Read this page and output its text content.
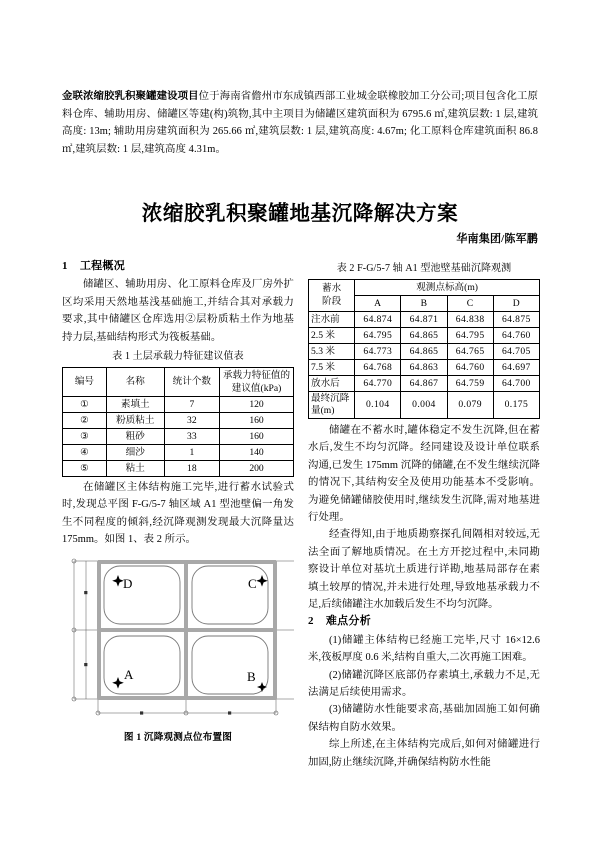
金联浓缩胶乳积聚罐建设项目位于海南省儋州市东成镇西部工业城金联橡胶加工分公司;项目包含化工原料仓库、辅助用房、储罐区等建(构)筑物,其中主项目为储罐区建筑面积为 6795.6 ㎡,建筑层数: 1 层,建筑高度: 13m; 辅助用房建筑面积为 265.66 ㎡,建筑层数: 1 层,建筑高度: 4.67m; 化工原料仓库建筑面积 86.8 ㎡,建筑层数: 1 层,建筑高度 4.31m。
浓缩胶乳积聚罐地基沉降解决方案
华南集团/陈军鹏
1 工程概况

储罐区、辅助用房、化工原料仓库及厂房外扩区均采用天然地基浅基础施工,并结合其对承载力要求,其中储罐区仓库选用②层粉质粘土作为地基持力层,基础结构形式为筏板基础。

表 1 土层承载力特征建议值表
编号	名称	统计个数	承载力特征值的建议值(kPa)
①	素填土	7	120
②	粉质粘土	32	160
③	粗砂	33	160
④	细沙	1	140
⑤	粘土	18	200

在储罐区主体结构施工完毕,进行蓄水试验式时,发现总平图 F-G/5-7 轴区域 A1 型池壁偏一角发生不同程度的倾斜,经沉降观测发现最大沉降量达 175mm。如图 1、表 2 所示。

D	C
A	B
图 1 沉降观测点位布置图
表 2 F-G/5-7 轴 A1 型池壁基础沉降观测
蓄水
阶段	观测点标高(m)			
	A	B	C	D
注水前	64.874	64.871	64.838	64.875
2.5 米	64.795	64.865	64.795	64.760
5.3 米	64.773	64.865	64.765	64.705
7.5 米	64.768	64.863	64.760	64.697
放水后	64.770	64.867	64.759	64.700
最终沉降
量(m)	0.104	0.004	0.079	0.175

储罐在不蓄水时,罐体稳定不发生沉降,但在蓄水后,发生不均匀沉降。经同建设及设计单位联系沟通,已发生 175mm 沉降的储罐,在不发生继续沉降的情况下,其结构安全及使用功能基本不受影响。为避免储罐储胶使用时,继续发生沉降,需对地基进行处理。

经查得知,由于地质勘察探孔间隔相对较远,无法全面了解地质情况。在土方开挖过程中,未同勘察设计单位对基坑土质进行详勘,地基局部存在素填土较厚的情况,并未进行处理,导致地基承载力不足,后续储罐注水加载后发生不均匀沉降。

2 难点分析

(1)储罐主体结构已经施工完毕,尺寸 16×12.6 米,筏板厚度 0.6 米,结构自重大,二次再施工困难。

(2)储罐沉降区底部仍存素填土,承载力不足,无法满足后续使用需求。

(3)储罐防水性能要求高,基础加固施工如何确保结构自防水效果。

综上所述,在主体结构完成后,如何对储罐进行加固,防止继续沉降,并确保结构防水性能
